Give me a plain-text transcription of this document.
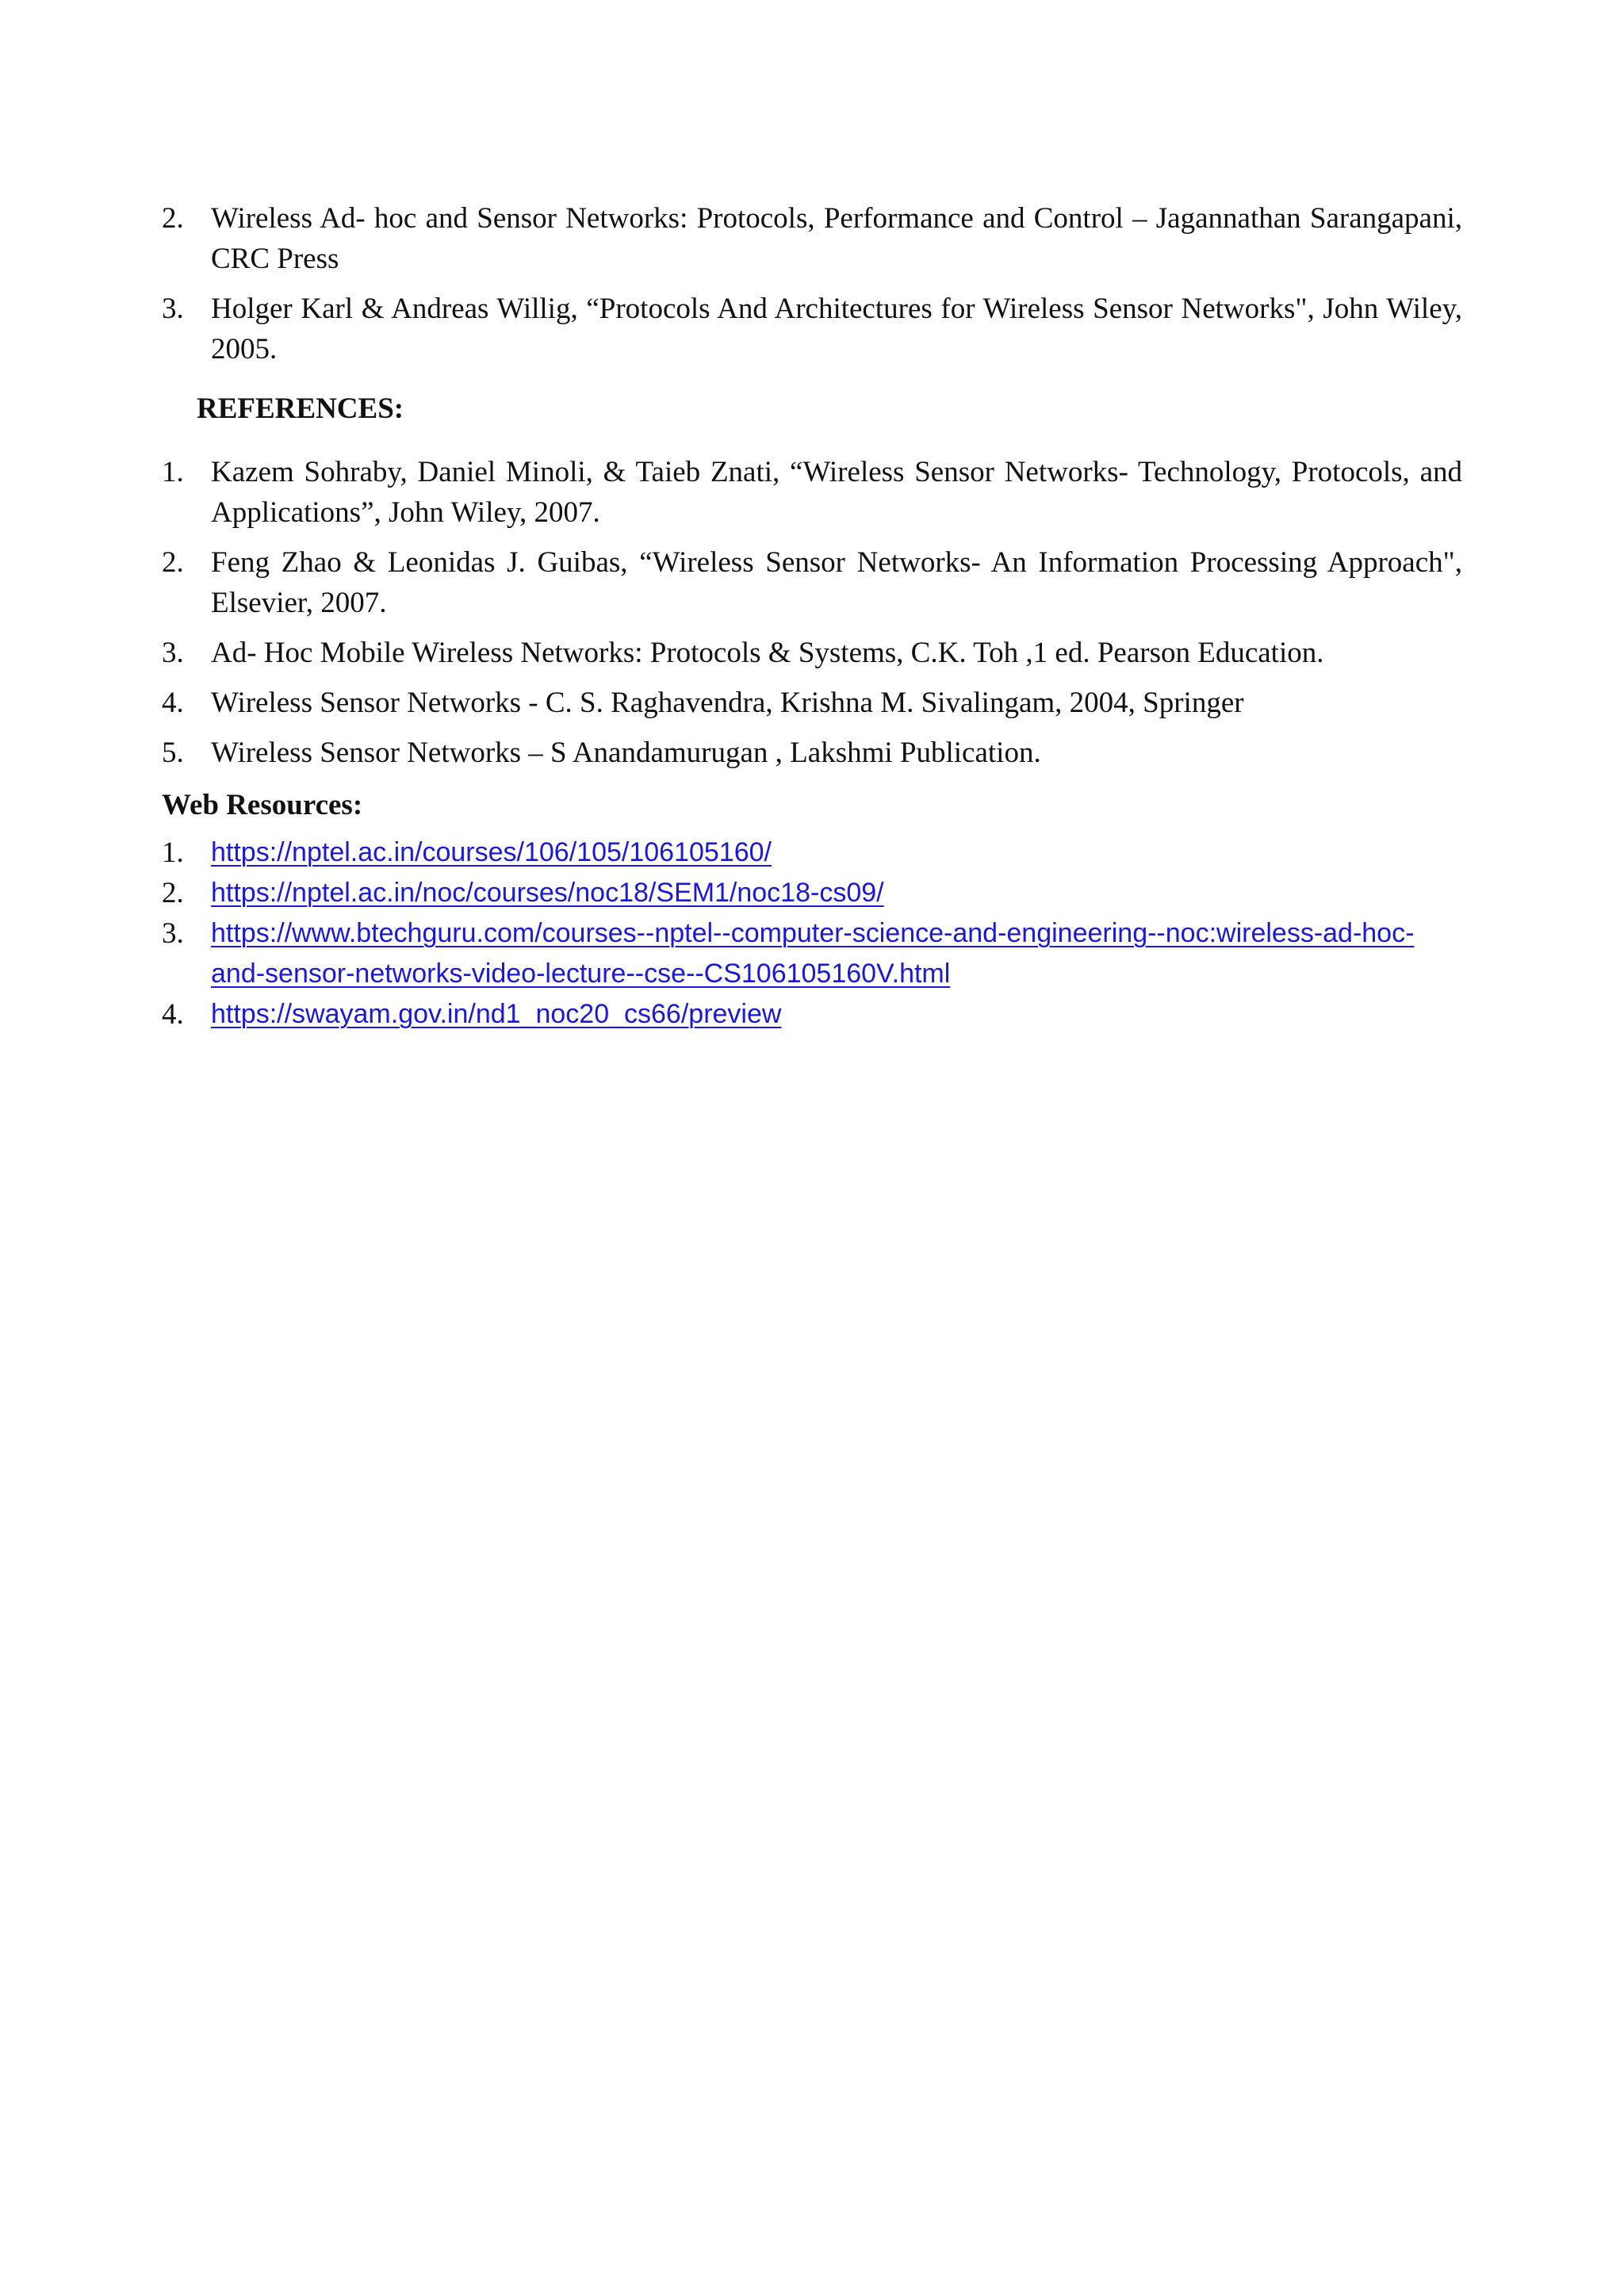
2. Wireless Ad- hoc and Sensor Networks: Protocols, Performance and Control – Jagannathan Sarangapani, CRC Press
3. Holger Karl & Andreas Willig, “Protocols And Architectures for Wireless Sensor Networks", John Wiley, 2005.
REFERENCES:
1. Kazem Sohraby, Daniel Minoli, & Taieb Znati, “Wireless Sensor Networks- Technology, Protocols, and Applications”, John Wiley, 2007.
2. Feng Zhao & Leonidas J. Guibas, “Wireless Sensor Networks- An Information Processing Approach", Elsevier, 2007.
3. Ad- Hoc Mobile Wireless Networks: Protocols & Systems, C.K. Toh ,1 ed. Pearson Education.
4. Wireless Sensor Networks - C. S. Raghavendra, Krishna M. Sivalingam, 2004, Springer
5. Wireless Sensor Networks – S Anandamurugan , Lakshmi Publication.
Web Resources:
1. https://nptel.ac.in/courses/106/105/106105160/
2. https://nptel.ac.in/noc/courses/noc18/SEM1/noc18-cs09/
3. https://www.btechguru.com/courses--nptel--computer-science-and-engineering--noc:wireless-ad-hoc-and-sensor-networks-video-lecture--cse--CS106105160V.html
4. https://swayam.gov.in/nd1_noc20_cs66/preview
